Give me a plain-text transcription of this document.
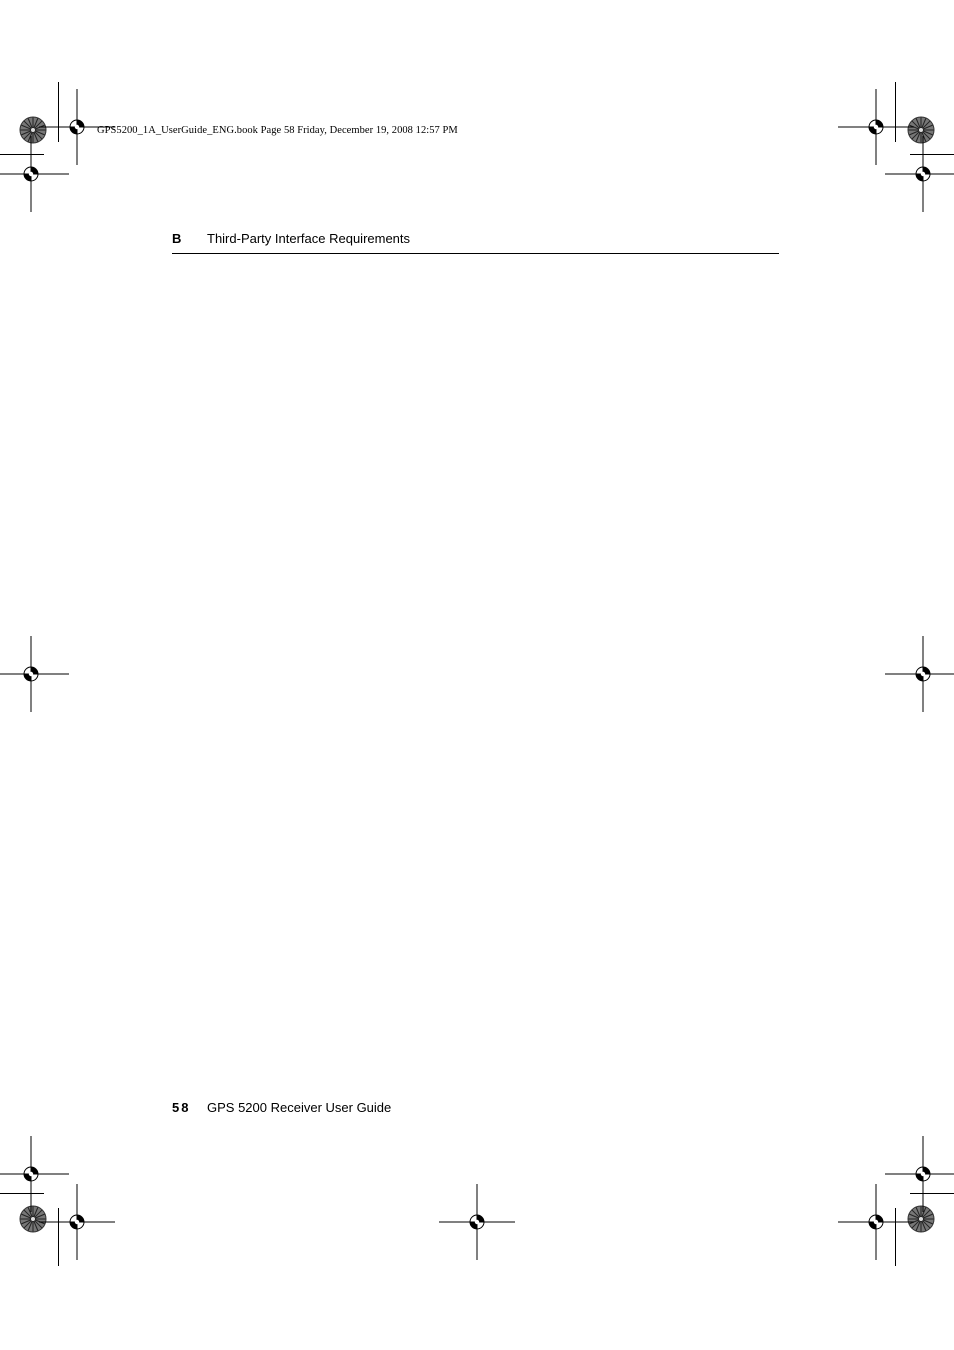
GPS5200_1A_UserGuide_ENG.book Page 58 Friday, December 19, 2008 12:57 PM
B Third-Party Interface Requirements
58 GPS 5200 Receiver User Guide
